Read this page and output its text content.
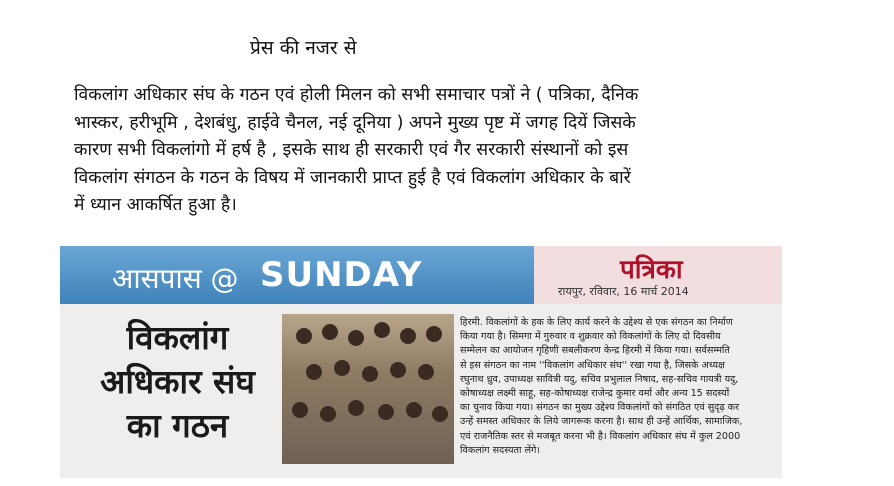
प्रेस की नजर से
विकलांग अधिकार संघ के गठन एवं होली मिलन को सभी समाचार पत्रों ने ( पत्रिका, दैनिक
भास्कर, हरीभूमि , देशबंधु, हाईवे चैनल, नई दूनिया ) अपने मुख्य पृष्ट में जगह दियें जिसके
कारण सभी विकलांगो में हर्ष है , इसके साथ ही सरकारी एवं गैर सरकारी संस्थानों को इस
विकलांग संगठन के गठन के विषय में जानकारी प्राप्त हुई है एवं विकलांग अधिकार के बारें
में ध्यान आकर्षित हुआ है।
आसपास @ SUNDAY	पत्रिका
रायपुर, रविवार, 16 मार्च 2014
विकलांग
अधिकार संघ
का गठन
हिरमी. विकलांगों के हक के लिए कार्य करने के उद्देश्य से एक संगठन का निर्माण
किया गया है। सिमगा में गुरुवार व शुक्रवार को विकलांगों के लिए दो दिवसीय
सम्मेलन का आयोजन गृहिणी सबलीकरण केन्द्र हिरमी में किया गया। सर्वसम्मति
से इस संगठन का नाम ''विकलांग अधिकार संघ'' रखा गया है, जिसके अध्यक्ष
रघुनाथ ध्रुव, उपाध्यक्ष सावित्री यदु, सचिव प्रभुलाल निषाद, सह-सचिव गायत्री यदु,
कोषाध्यक्ष लक्ष्मी साहू, सह-कोषाध्यक्ष राजेन्द्र कुमार वर्मा और अन्य 15 सदस्यों
का चुनाव किया गया। संगठन का मुख्य उद्देश्य विकलांगों को संगठित एवं सुदृढ़ कर
उन्हें समस्त अधिकार के लिये जागरूक करना है। साथ ही उन्हें आर्थिक, सामाजिक,
एवं राजनैतिक स्तर से मजबूत करना भी है। विकलांग अधिकार संघ में कुल 2000
विकलांग सदस्यता लेंगे।
